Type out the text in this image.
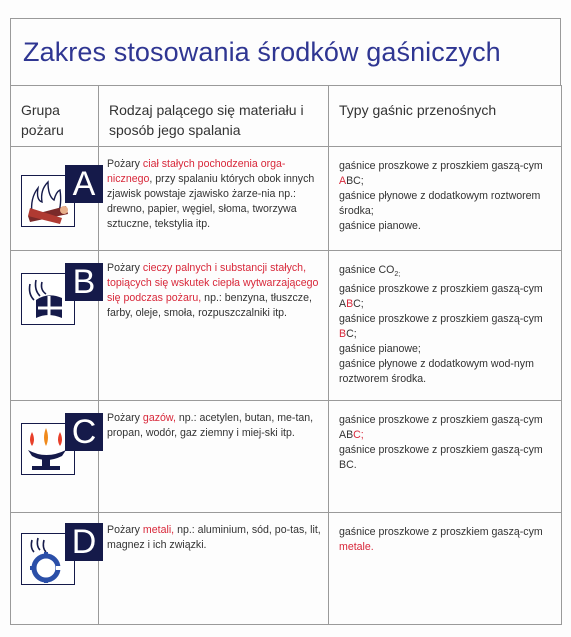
Zakres stosowania środków gaśniczych
Grupa pożaru	Rodzaj palącego się materiału i sposób jego spalania	Typy gaśnic przenośnych

A	Pożary ciał stałych pochodzenia orga-nicznego, przy spalaniu których obok innych zjawisk powstaje zjawisko żarze-nia np.: drewno, papier, węgiel, słoma, tworzywa sztuczne, tekstylia itp.	gaśnice proszkowe z proszkiem gaszą-cym ABC;
gaśnice płynowe z dodatkowym roztworem środka;
gaśnice pianowe.

B	Pożary cieczy palnych i substancji stałych, topiących się wskutek ciepła wytwarzającego się podczas pożaru, np.: benzyna, tłuszcze, farby, oleje, smoła, rozpuszczalniki itp.	gaśnice $CO_{2;}$
gaśnice proszkowe z proszkiem gaszą-cym ABC;
gaśnice proszkowe z proszkiem gaszą-cym BC;
gaśnice pianowe;
gaśnice płynowe z dodatkowym wod-nym roztworem środka.

C	Pożary gazów, np.: acetylen, butan, me-tan, propan, wodór, gaz ziemny i miej-ski itp.	gaśnice proszkowe z proszkiem gaszą-cym ABC;
gaśnice proszkowe z proszkiem gaszą-cym BC.

D	Pożary metali, np.: aluminium, sód, po-tas, lit, magnez i ich związki.	gaśnice proszkowe z proszkiem gaszą-cym metale.
